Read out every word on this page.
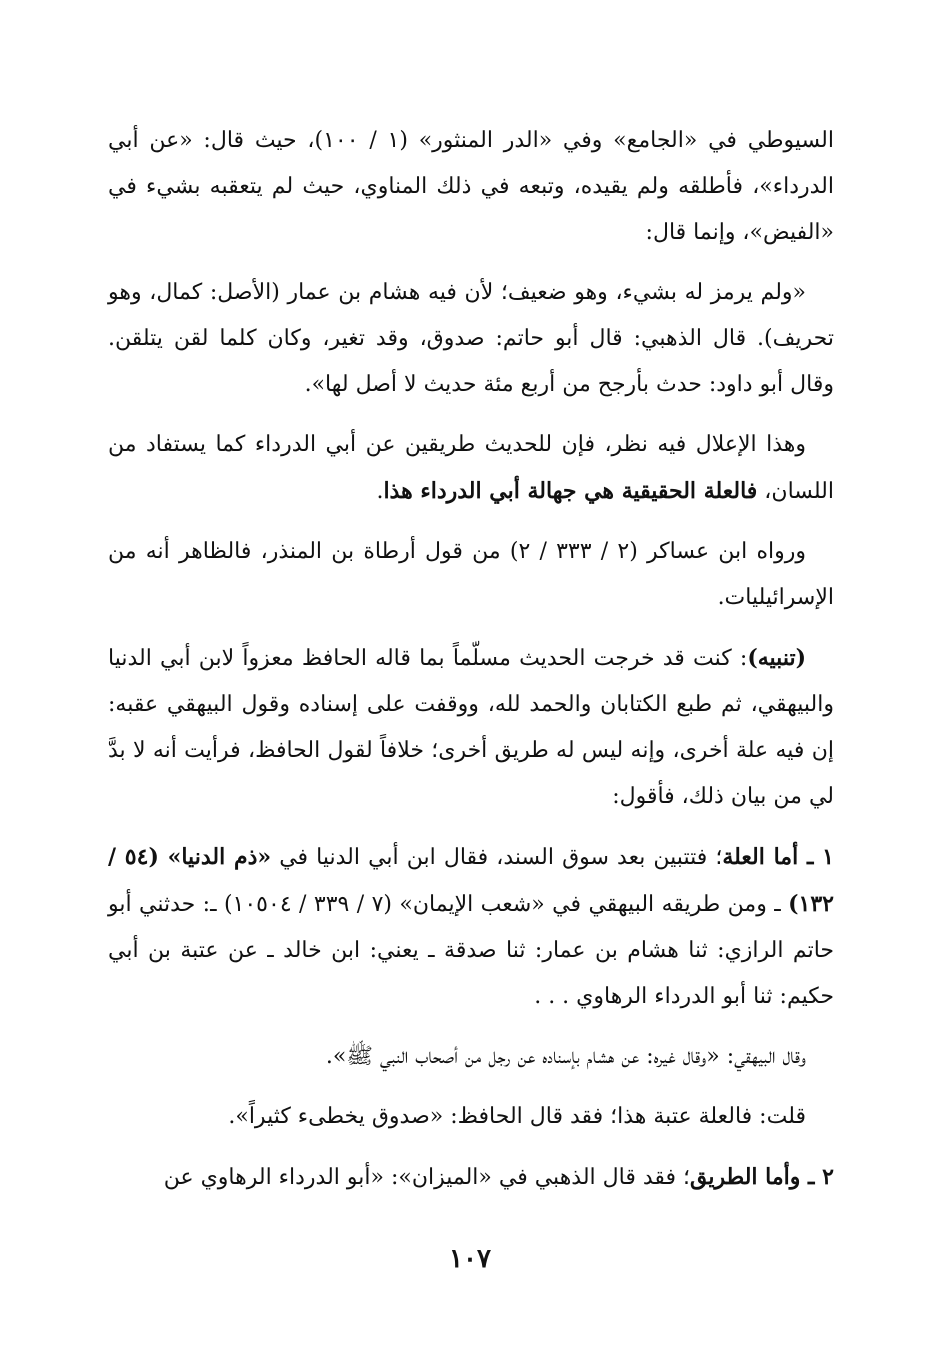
السيوطي في «الجامع» وفي «الدر المنثور» (١ / ١٠٠)، حيث قال: «عن أبي الدرداء»، فأطلقه ولم يقيده، وتبعه في ذلك المناوي، حيث لم يتعقبه بشيء في «الفيض»، وإنما قال:

«ولم يرمز له بشيء، وهو ضعيف؛ لأن فيه هشام بن عمار (الأصل: كمال، وهو تحريف). قال الذهبي: قال أبو حاتم: صدوق، وقد تغير، وكان كلما لقن يتلقن. وقال أبو داود: حدث بأرجح من أربع مئة حديث لا أصل لها».

وهذا الإعلال فيه نظر، فإن للحديث طريقين عن أبي الدرداء كما يستفاد من اللسان، فالعلة الحقيقية هي جهالة أبي الدرداء هذا.

ورواه ابن عساكر (٢ / ٣٣٣ / ٢) من قول أرطاة بن المنذر، فالظاهر أنه من الإسرائيليات.

(تنبيه): كنت قد خرجت الحديث مسلّماً بما قاله الحافظ معزواً لابن أبي الدنيا والبيهقي، ثم طبع الكتابان والحمد لله، ووقفت على إسناده وقول البيهقي عقبه: إن فيه علة أخرى، وإنه ليس له طريق أخرى؛ خلافاً لقول الحافظ، فرأيت أنه لا بدَّ لي من بيان ذلك، فأقول:

١ ـ أما العلة؛ فتتبين بعد سوق السند، فقال ابن أبي الدنيا في «ذم الدنيا» (٥٤ / ١٣٢) ـ ومن طريقه البيهقي في «شعب الإيمان» (٧ / ٣٣٩ / ١٠٥٠٤) ـ: حدثني أبو حاتم الرازي: ثنا هشام بن عمار: ثنا صدقة ـ يعني: ابن خالد ـ عن عتبة بن أبي حكيم: ثنا أبو الدرداء الرهاوي . . .

وقال البيهقي: «وقال غيره: عن هشام بإسناده عن رجل من أصحاب النبي ﷺ».

قلت: فالعلة عتبة هذا؛ فقد قال الحافظ: «صدوق يخطىء كثيراً».

٢ ـ وأما الطريق؛ فقد قال الذهبي في «الميزان»: «أبو الدرداء الرهاوي عن

١٠٧
